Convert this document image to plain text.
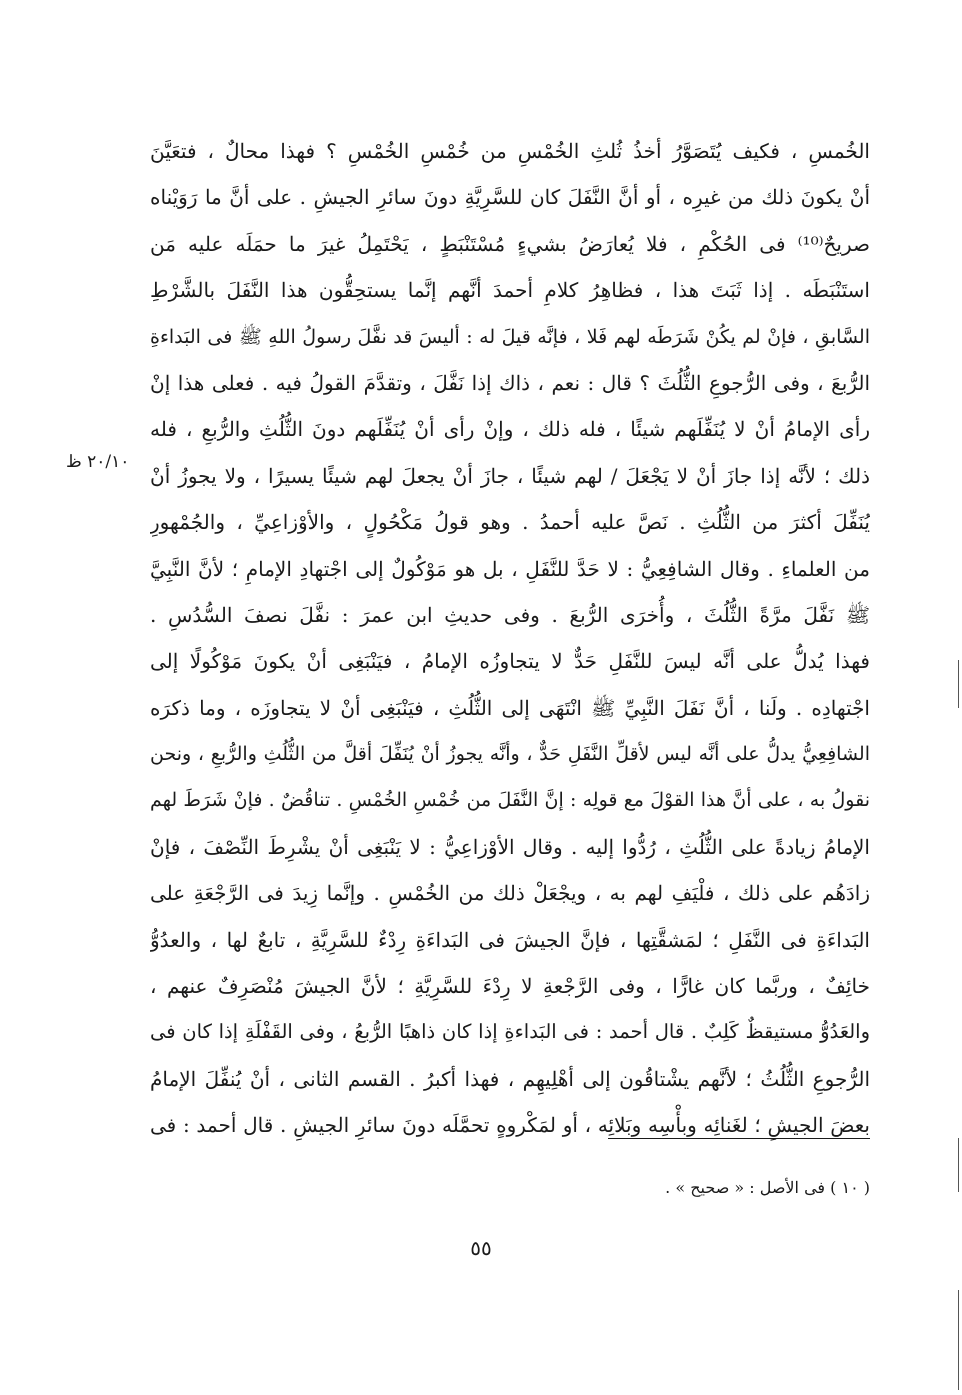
الخُمسِ ، فكيف يُتَصَوَّرُ أخذُ ثُلثِ الخُمْسِ من خُمْسِ الخُمْسِ ؟ فهذا محالٌ ، فتعَيَّنَ
أنْ يكونَ ذلك من غيرِه ، أو أنَّ النَّفَلَ كان للسَّرِيَّةِ دونَ سائرِ الجيشِ . على أنَّ ما رَوَيْناه
صريحٌ⁽¹⁰⁾ فى الحُكْمِ ، فلا يُعارَضُ بشيءٍ مُسْتَنْبَطٍ ، يَحْتَمِلُ غيرَ ما حمَلَه عليه مَن
استَنْبَطَه . إذا ثَبَتَ هذا ، فظاهِرُ كلامِ أحمدَ أنَّهم إنَّما يستحِقُّون هذا النَّفَلَ بالشَّرْطِ
السَّابقِ ، فإنْ لم يكُنْ شَرَطَه لهم فَلا ، فإنَّه قيلَ له : أليسَ قد نفَّلَ رسولُ اللهِ ﷺ فى البَداءةِ
الرُّبعَ ، وفى الرُّجوعِ الثُّلُثَ ؟ قال : نعم ، ذاك إذا نَفَّلَ ، وتقدَّمَ القولُ فيه . فعلى هذا إنْ
رأى الإمامُ أنْ لا يُنَفِّلَهم شيئًا ، فله ذلك ، وإنْ رأى أنْ يُنَفِّلَهم دونَ الثُّلُثِ والرُّبعِ ، فله
ذلك ؛ لأنَّه إذا جازَ أنْ لا يَجْعَلَ / لهم شيئًا ، جازَ أنْ يجعلَ لهم شيئًا يسيرًا ، ولا يجوزُ أنْ
يُنَفِّلَ أكثرَ من الثُّلُثِ . نَصَّ عليه أحمدُ . وهو قولُ مَكْحُولٍ ، والأوْزاعِيِّ ، والجُمْهورِ
من العلماءِ . وقال الشافِعِيُّ : لا حَدَّ للنَّفَلِ ، بل هو مَوْكُولٌ إلى اجْتهادِ الإمامِ ؛ لأنَّ النَّبِيَّ
ﷺ نَفَّلَ مرَّةً الثُّلُثَ ، وأُخرَى الرُّبعَ . وفى حديثِ ابن عمرَ : نفَّلَ نصفَ السُّدُسِ .
فهذا يُدلُّ على أنَّه ليسَ للنَّفَلِ حَدٌّ لا يتجاوزُه الإمامُ ، فيَنْبَغِى أنْ يكونَ مَوْكُولًا إلى
اجْتهادِه . ولَنا ، أنَّ نَفَلَ النَّبِيِّ ﷺ انْتَهَى إلى الثُّلُثِ ، فيَنْبَغِى أنْ لا يتجاوزَه ، وما ذكرَه
الشافِعِيُّ يدلُّ على أنَّه ليس لأقلِّ النَّفَلِ حَدٌّ ، وأنَّه يجوزُ أنْ يُنَفِّلَ أقلَّ من الثُّلُثِ والرُّبعِ ، ونحن
نقولُ به ، على أنَّ هذا القوْلَ مع قولِه : إنَّ النَّفَلَ من خُمْسِ الخُمْسِ . تناقُضٌ . فإنْ شَرَطَ لهم
الإمامُ زيادةً على الثُّلُثِ ، رُدُّوا إليه . وقال الأوْزاعِيُّ : لا يَنْبَغِى أنْ يشْرِطَ النِّصْفَ ، فإنْ
زادَهُم على ذلك ، فلْيَفِ لهم به ، ويجْعَلْ ذلك من الخُمْسِ . وإنَّما زِيدَ فى الرَّجْعَةِ على
البَداءَةِ فى النَّفَلِ ؛ لمَشقَّتِها ، فإنَّ الجيشَ فى البَداءَةِ رِدْءٌ للسَّرِيَّةِ ، تابعٌ لها ، والعدُوُّ
خائِفٌ ، وربَّما كان غارًّا ، وفى الرَّجْعةِ لا رِدْءَ للسَّرِيَّةِ ؛ لأنَّ الجيشَ مُنْصَرِفٌ عنهم ،
والعَدُوُّ مستيقظٌ كَلِبٌ . قال أحمد : فى البَداءةِ إذا كان ذاهبًا الرُّبعُ ، وفى القَفْلَةِ إذا كان فى
الرُّجوعِ الثُّلُثُ ؛ لأنَّهم يشْتاقُون إلى أهْلِيهِم ، فهذا أكبرُ . القسم الثانى ، أنْ يُنفِّلَ الإمامُ
بعضَ الجيشِ ؛ لغَنائِه وبأْسِه وبَلائِه ، أو لمَكْروهٍ تحمَّلَه دونَ سائرِ الجيشِ . قال أحمد : فى
٢٠/١٠ ظ
( ١٠ ) فى الأصل : « صحيح » .
٥٥
